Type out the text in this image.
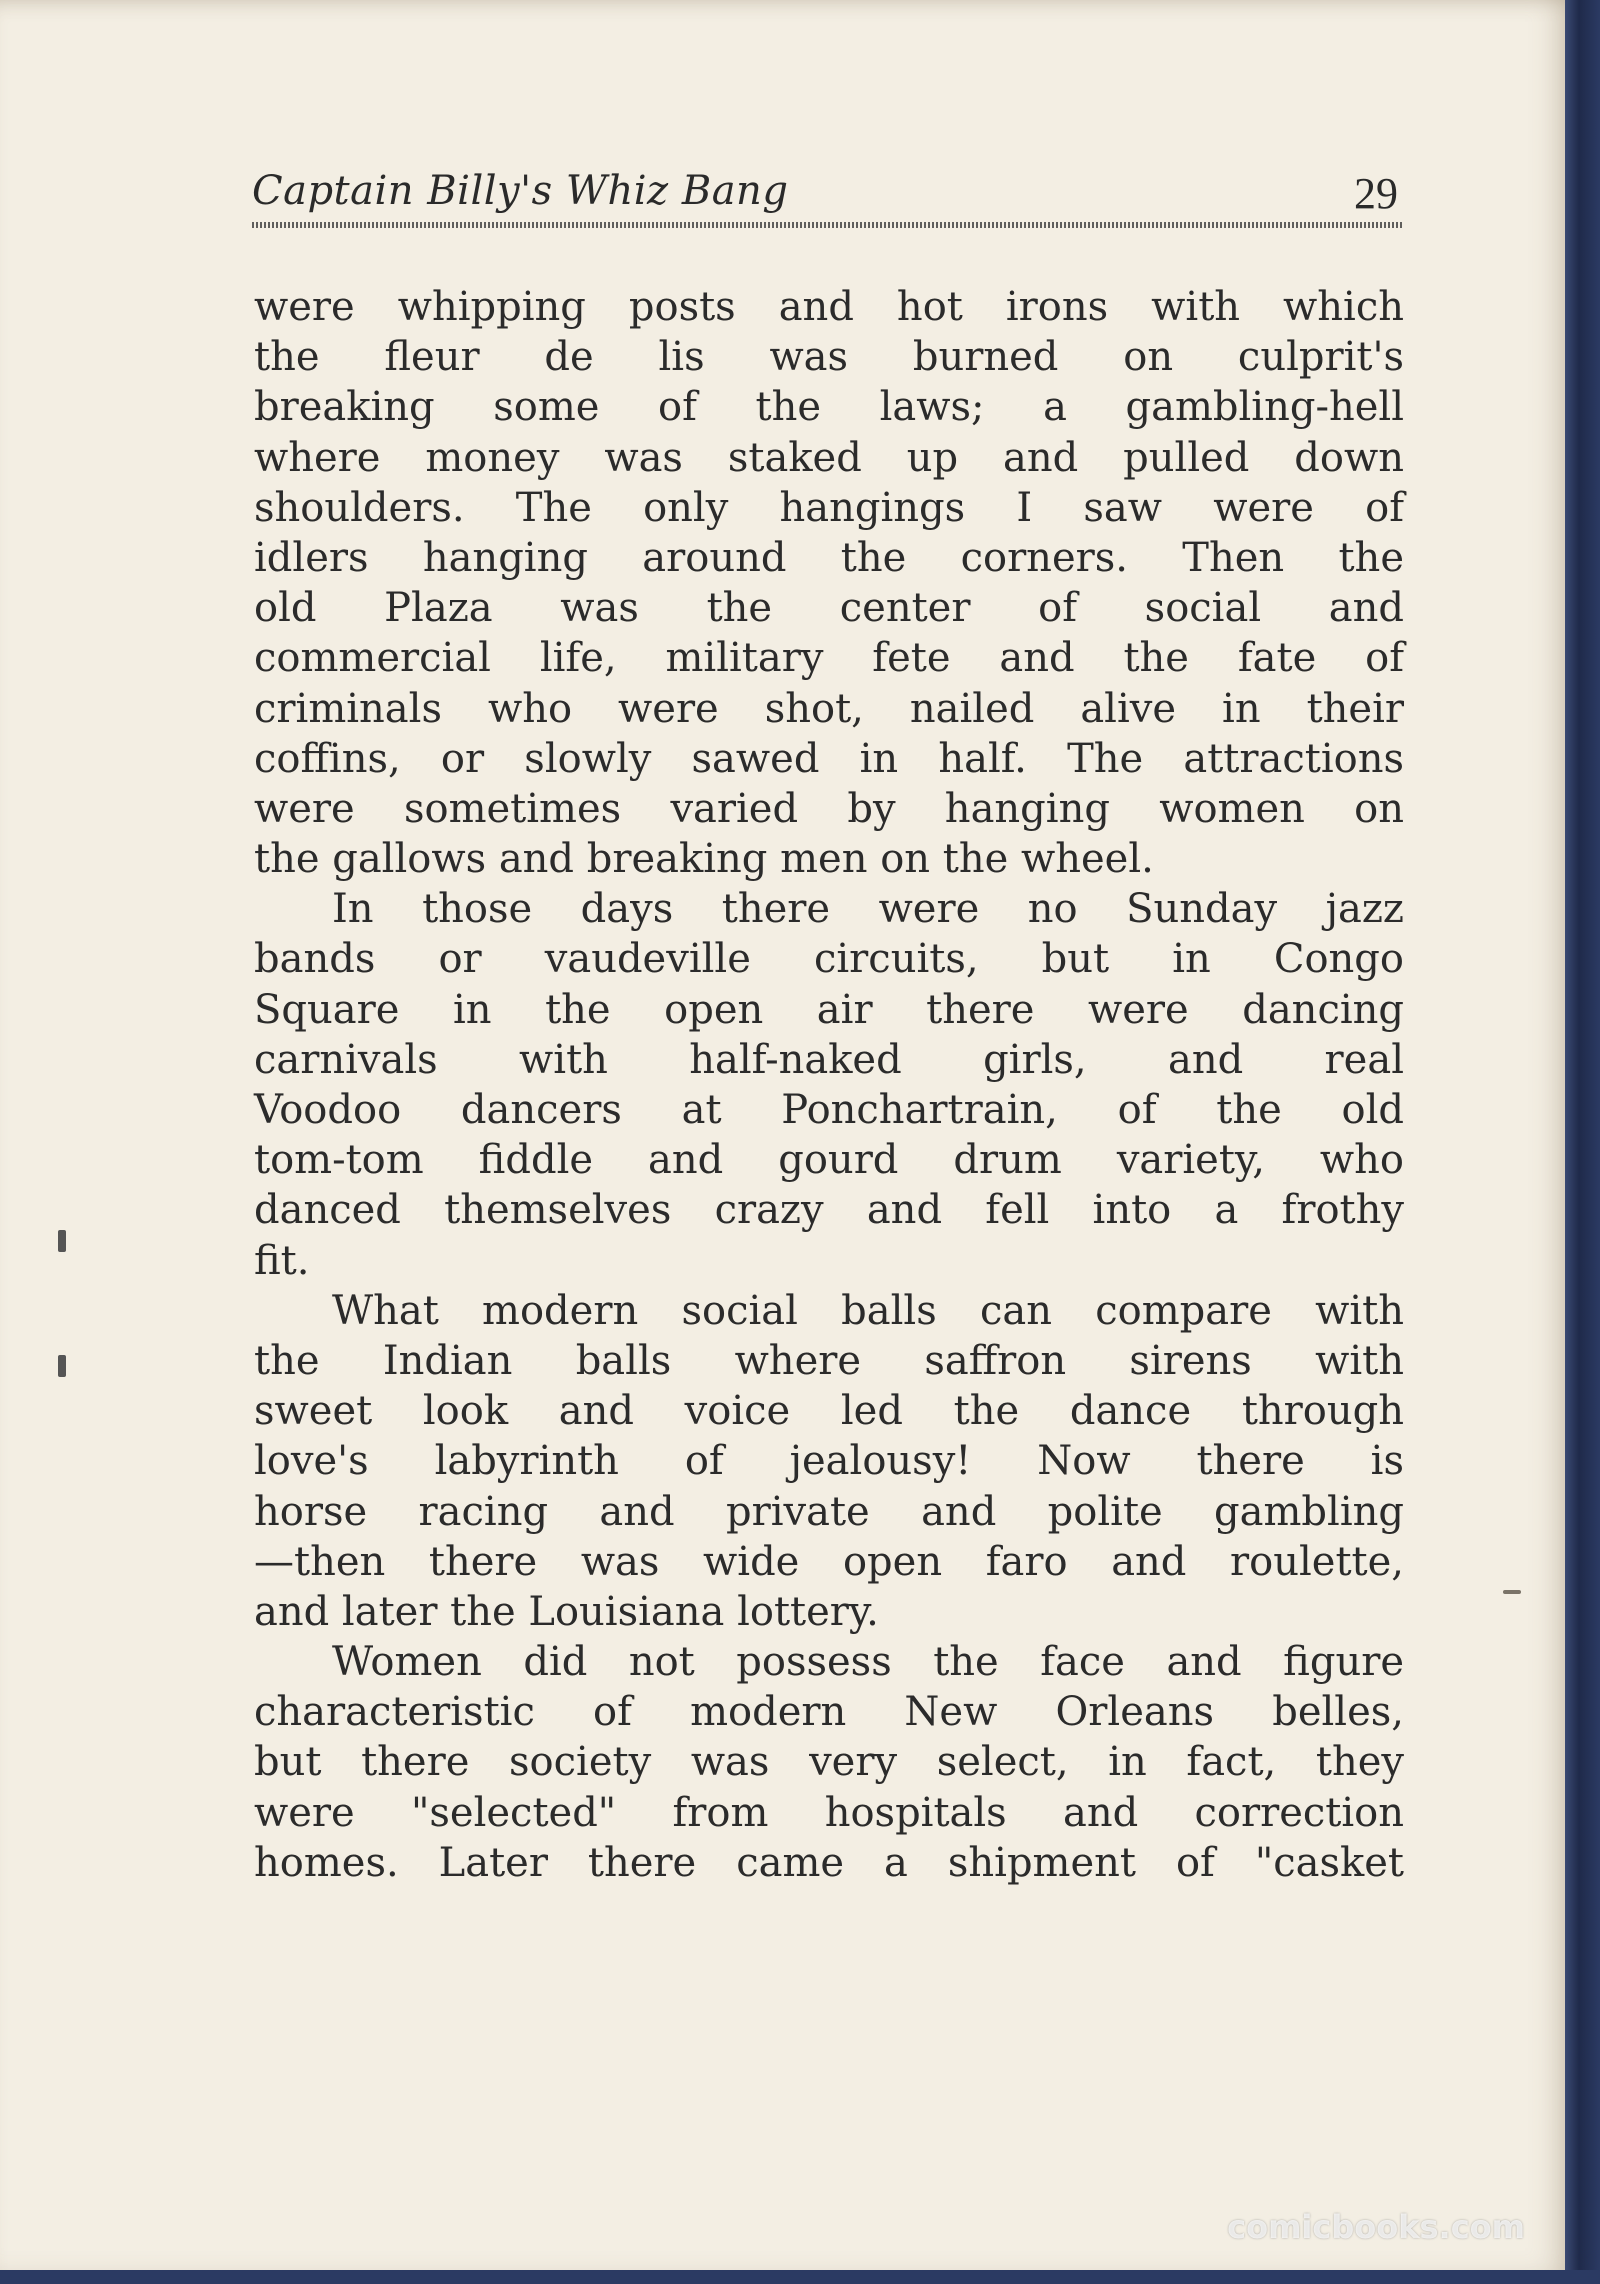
Captain Billy's Whiz Bang	29
were whipping posts and hot irons with which
the fleur de lis was burned on culprit's
breaking some of the laws; a gambling-hell
where money was staked up and pulled down
shoulders. The only hangings I saw were of
idlers hanging around the corners. Then the
old Plaza was the center of social and
commercial life, military fete and the fate of
criminals who were shot, nailed alive in their
coffins, or slowly sawed in half. The attractions
were sometimes varied by hanging women on
the gallows and breaking men on the wheel.
In those days there were no Sunday jazz
bands or vaudeville circuits, but in Congo
Square in the open air there were dancing
carnivals with half-naked girls, and real
Voodoo dancers at Ponchartrain, of the old
tom-tom fiddle and gourd drum variety, who
danced themselves crazy and fell into a frothy
fit.
What modern social balls can compare with
the Indian balls where saffron sirens with
sweet look and voice led the dance through
love's labyrinth of jealousy! Now there is
horse racing and private and polite gambling
—then there was wide open faro and roulette,
and later the Louisiana lottery.
Women did not possess the face and figure
characteristic of modern New Orleans belles,
but there society was very select, in fact, they
were "selected" from hospitals and correction
homes. Later there came a shipment of "casket
comicbooks.com
